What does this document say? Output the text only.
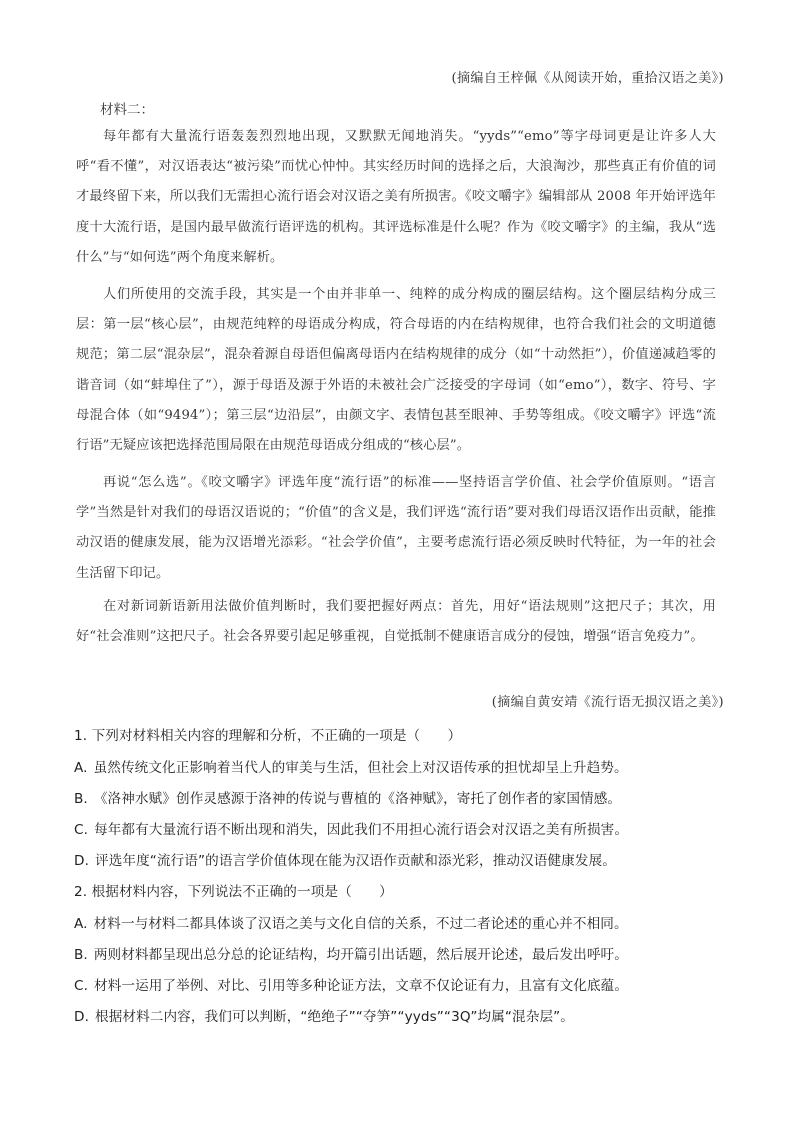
(摘编自王梓佩《从阅读开始，重拾汉语之美》)
材料二：
每年都有大量流行语轰轰烈烈地出现，又默默无闻地消失。“yyds”“emo”等字母词更是让许多人大呼“看不懂”，对汉语表达“被污染”而忧心忡忡。其实经历时间的选择之后，大浪淘沙，那些真正有价值的词才最终留下来，所以我们无需担心流行语会对汉语之美有所损害。《咬文嚼字》编辑部从 2008 年开始评选年度十大流行语，是国内最早做流行语评选的机构。其评选标准是什么呢？作为《咬文嚼字》的主编，我从“选什么”与“如何选”两个角度来解析。
人们所使用的交流手段，其实是一个由并非单一、纯粹的成分构成的圈层结构。这个圈层结构分成三层：第一层“核心层”，由规范纯粹的母语成分构成，符合母语的内在结构规律，也符合我们社会的文明道德规范；第二层“混杂层”，混杂着源自母语但偏离母语内在结构规律的成分（如“十动然拒”），价值递减趋零的谐音词（如“蚌埠住了”），源于母语及源于外语的未被社会广泛接受的字母词（如“emo”），数字、符号、字母混合体（如“9494”）；第三层“边沿层”，由颜文字、表情包甚至眼神、手势等组成。《咬文嚼字》评选“流行语”无疑应该把选择范围局限在由规范母语成分组成的“核心层”。
再说“怎么选”。《咬文嚼字》评选年度“流行语”的标准——坚持语言学价值、社会学价值原则。“语言学”当然是针对我们的母语汉语说的；“价值”的含义是，我们评选“流行语”要对我们母语汉语作出贡献，能推动汉语的健康发展，能为汉语增光添彩。“社会学价值”，主要考虑流行语必须反映时代特征，为一年的社会生活留下印记。
在对新词新语新用法做价值判断时，我们要把握好两点：首先，用好“语法规则”这把尺子；其次，用好“社会准则”这把尺子。社会各界要引起足够重视，自觉抵制不健康语言成分的侵蚀，增强“语言免疫力”。
(摘编自黄安靖《流行语无损汉语之美》)
1. 下列对材料相关内容的理解和分析，不正确的一项是（　　）
A. 虽然传统文化正影响着当代人的审美与生活，但社会上对汉语传承的担忧却呈上升趋势。
B. 《洛神水赋》创作灵感源于洛神的传说与曹植的《洛神赋》，寄托了创作者的家国情感。
C. 每年都有大量流行语不断出现和消失，因此我们不用担心流行语会对汉语之美有所损害。
D. 评选年度“流行语”的语言学价值体现在能为汉语作贡献和添光彩，推动汉语健康发展。
2. 根据材料内容，下列说法不正确的一项是（　　）
A. 材料一与材料二都具体谈了汉语之美与文化自信的关系，不过二者论述的重心并不相同。
B. 两则材料都呈现出总分总的论证结构，均开篇引出话题，然后展开论述，最后发出呼吁。
C. 材料一运用了举例、对比、引用等多种论证方法，文章不仅论证有力，且富有文化底蕴。
D. 根据材料二内容，我们可以判断，“绝绝子”“夺笋”“yyds”“3Q”均属“混杂层”。
